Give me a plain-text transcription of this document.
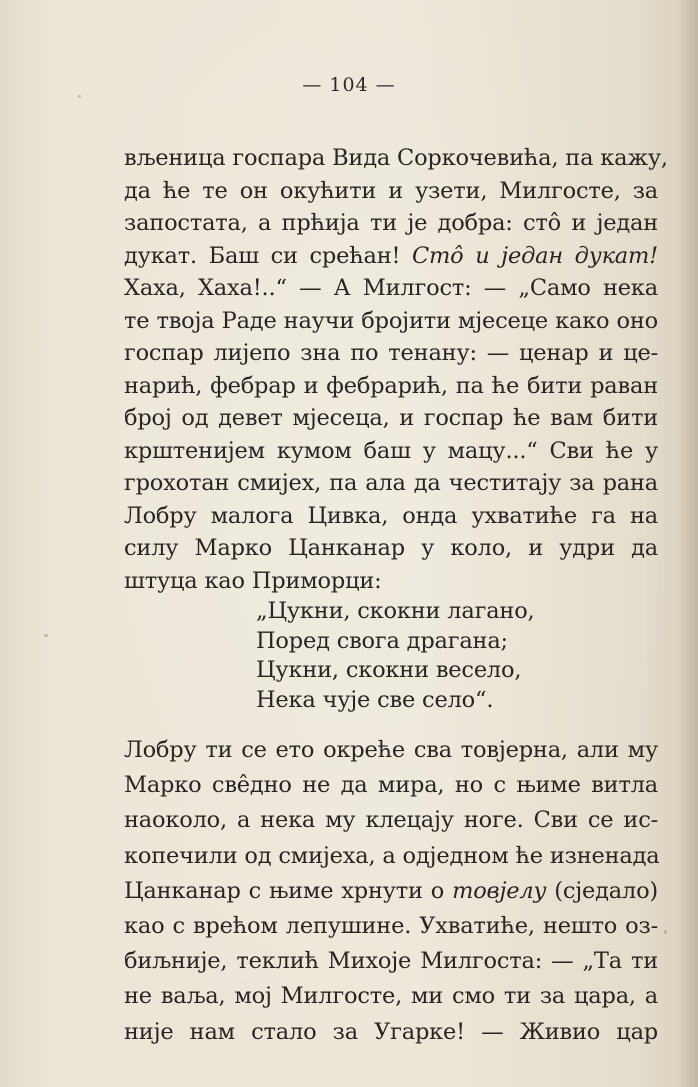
— 104 —
вљеница госпара Вида Соркочевића, па кажу,
да ће те он окућити и узети, Милгосте, за
запостата, а прћија ти је добра: стô и један
дукат. Баш си срећан! Стô и један дукат!
Хаха, Хаха!..“ — А Милгост: — „Само нека
те твоја Раде научи бројити мјесеце како оно
госпар лијепо зна по тенану: — ценар и це-
нарић, фебрар и фебрарић, па ће бити раван
број од девет мјесеца, и госпар ће вам бити
крштенијем кумом баш у мацу...“ Сви ће у
грохотан смијех, па ала да честитају за рана
Лобру малога Цивка, онда ухватиће га на
силу Марко Цанканар у коло, и удри да
штуца као Приморци:
„Цукни, скокни лагано,
Поред свога драгана;
Цукни, скокни весело,
Нека чује све село“.
Лобру ти се ето окреће сва товјерна, али му
Марко свêдно не да мира, но с њиме витла
наоколо, а нека му клецају ноге. Сви се ис-
копечили од смијеха, а одједном ће изненада
Цанканар с њиме хрнути о товјелу (сједало)
као с врећом лепушине. Ухватиће, нешто оз-
биљније, теклић Михоје Милгоста: — „Та ти
не ваља, мој Милгосте, ми смо ти за цара, а
није нам стало за Угарке! — Живио цар
